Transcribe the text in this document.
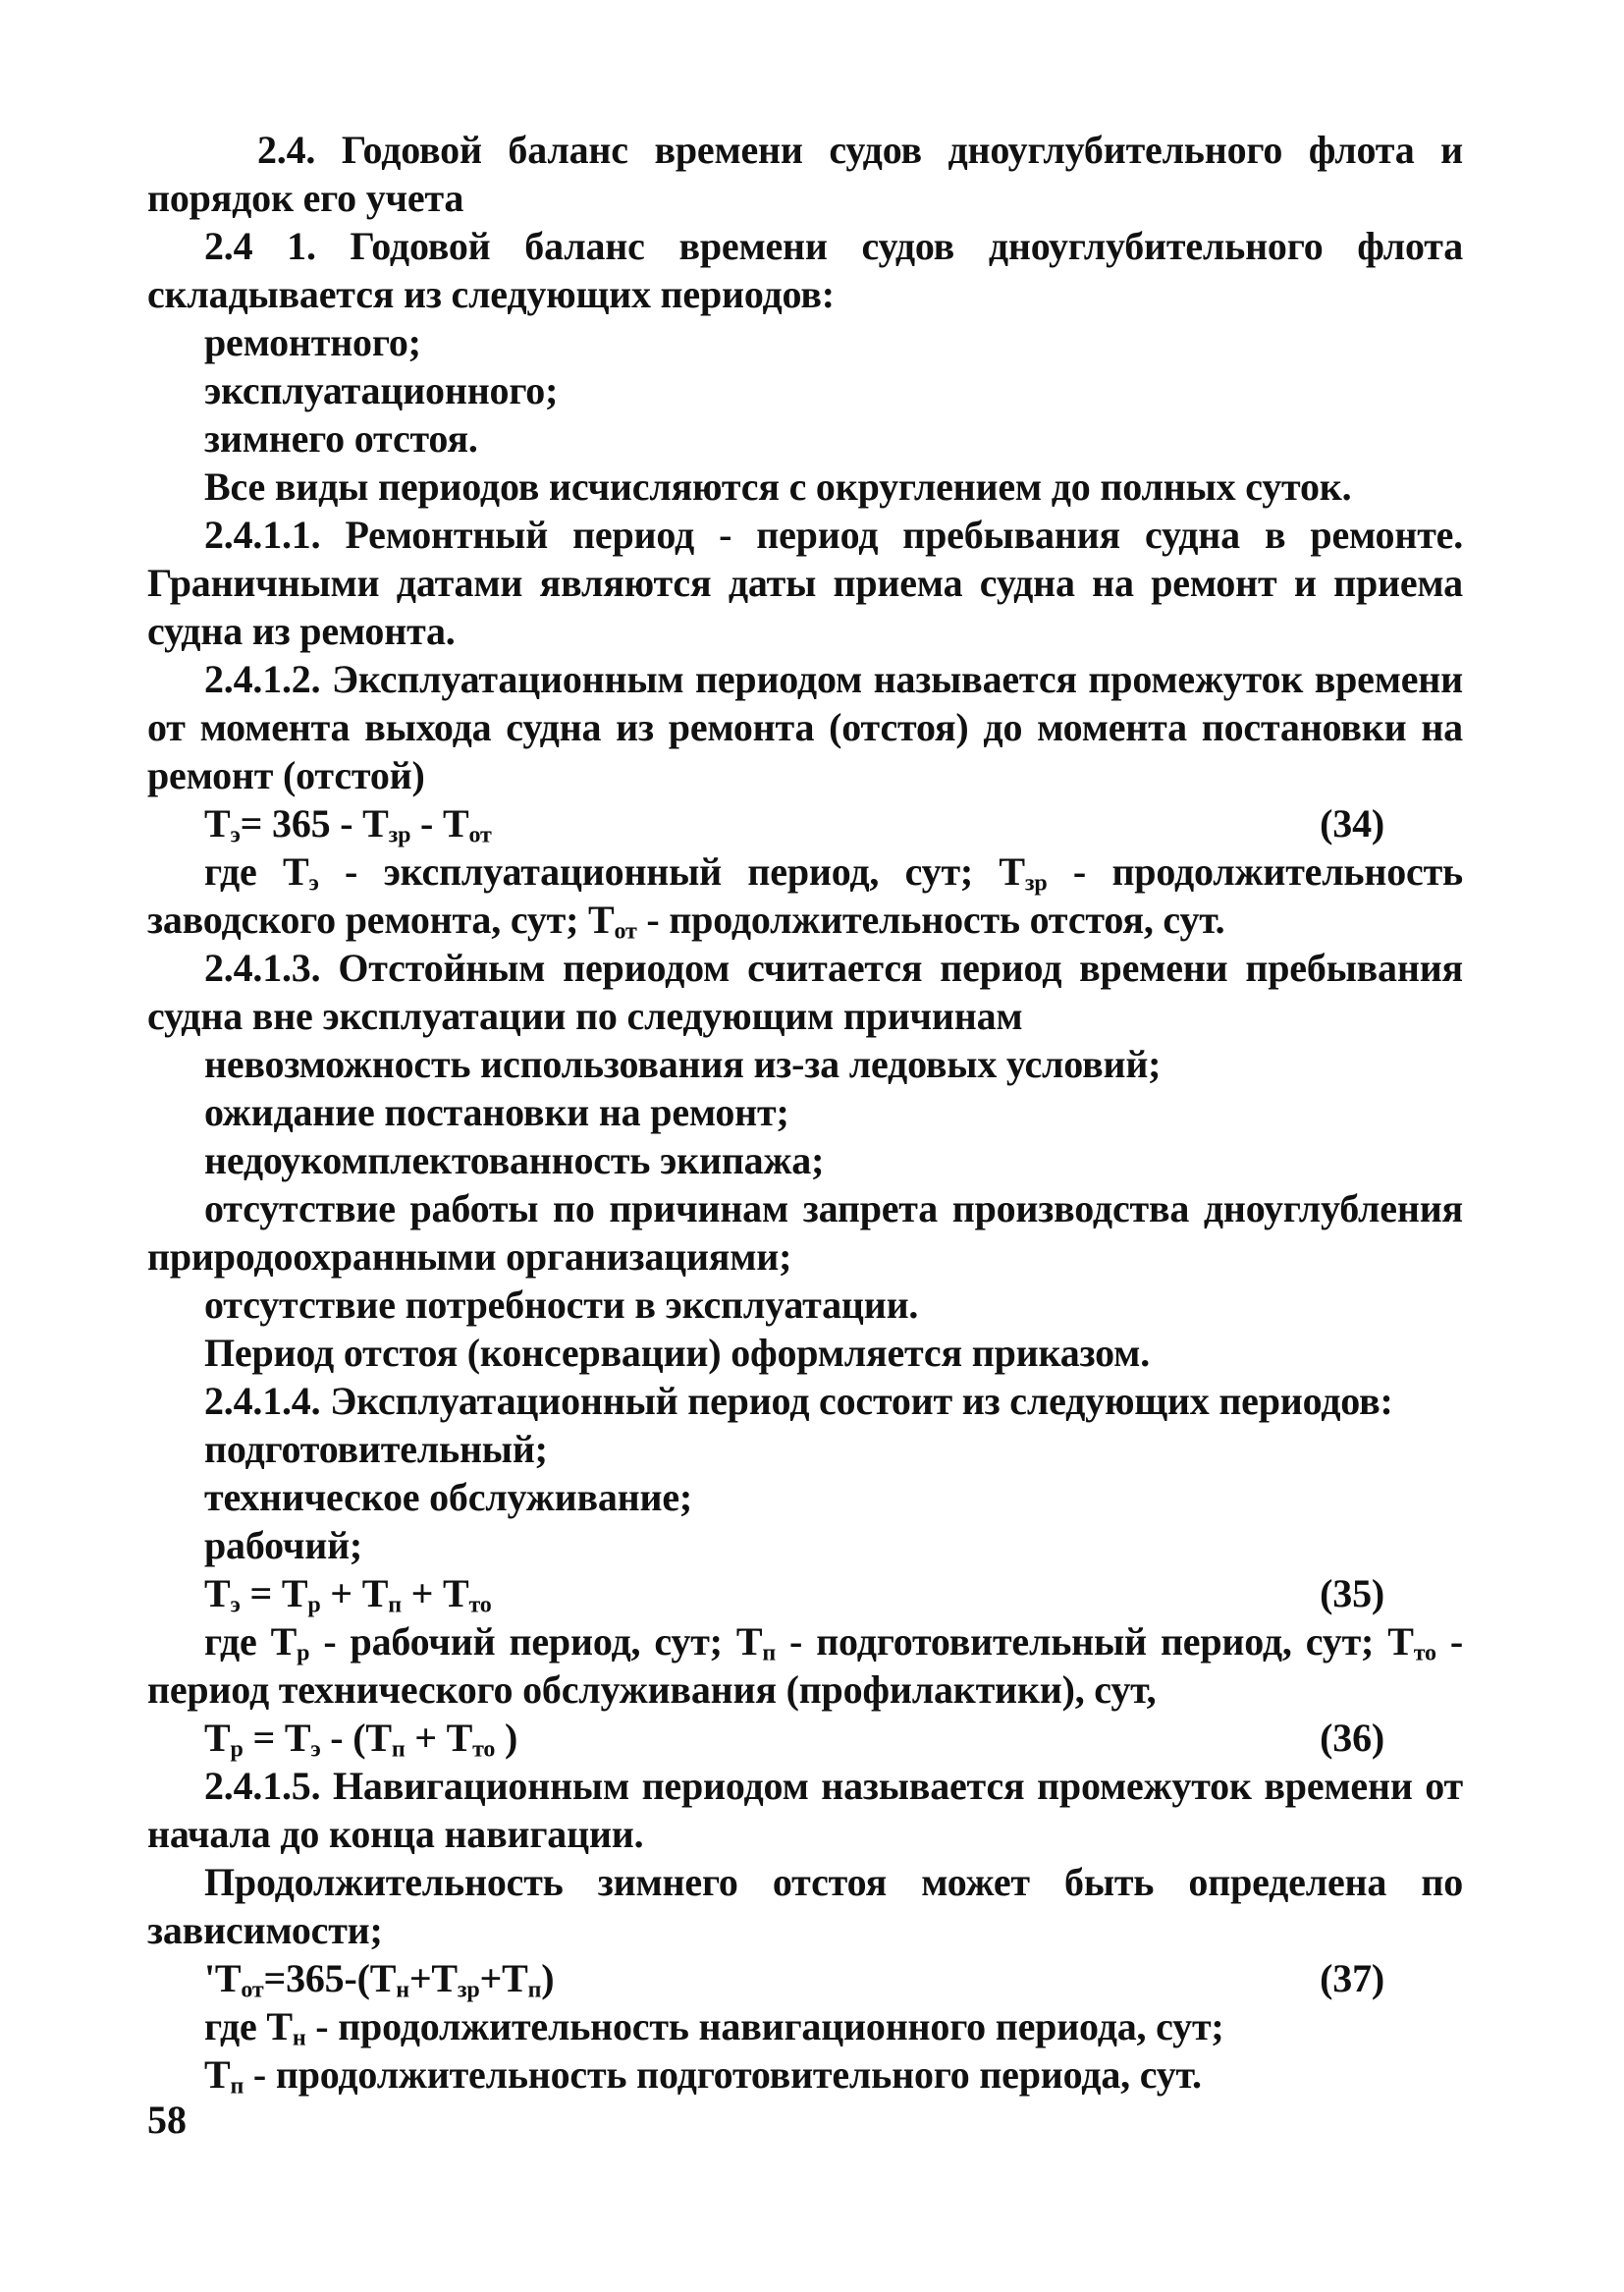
2.4. Годовой баланс времени судов дноуглубительного флота и порядок его учета

2.4 1. Годовой баланс времени судов дноуглубительного флота складывается из следующих периодов:

ремонтного;

эксплуатационного;

зимнего отстоя.

Все виды периодов исчисляются с округлением до полных суток.

2.4.1.1. Ремонтный период - период пребывания судна в ремонте. Граничными датами являются даты приема судна на ремонт и приема судна из ремонта.

2.4.1.2. Эксплуатационным периодом называется промежуток времени от момента выхода судна из ремонта (отстоя) до момента постановки на ремонт (отстой)

$T_э= 365 - T_{зр} - T_{от}$	(34)

где $T_э$ - эксплуатационный период, сут; $T_{зр}$ - продолжительность заводского ремонта, сут; $T_{от}$ - продолжительность отстоя, сут.

2.4.1.3. Отстойным периодом считается период времени пребывания судна вне эксплуатации по следующим причинам

невозможность использования из-за ледовых условий;

ожидание постановки на ремонт;

недоукомплектованность экипажа;

отсутствие работы по причинам запрета производства дноуглубления природоохранными организациями;

отсутствие потребности в эксплуатации.

Период отстоя (консервации) оформляется приказом.

2.4.1.4. Эксплуатационный период состоит из следующих периодов:

подготовительный;

техническое обслуживание;

рабочий;

$T_э = T_р + T_п + T_{то}$	(35)

где $T_р$ - рабочий период, сут; $T_п$ - подготовительный период, сут; $T_{то}$ - период технического обслуживания (профилактики), сут,

$T_р = T_э - (T_п + T_{то}$ )	(36)

2.4.1.5. Навигационным периодом называется промежуток времени от начала до конца навигации.

Продолжительность зимнего отстоя может быть определена по зависимости;

'$T_{от}=365-(T_н+T_{зр}+T_п)$	(37)

где $T_н$ - продолжительность навигационного периода, сут;

$T_п$ - продолжительность подготовительного периода, сут.

58
